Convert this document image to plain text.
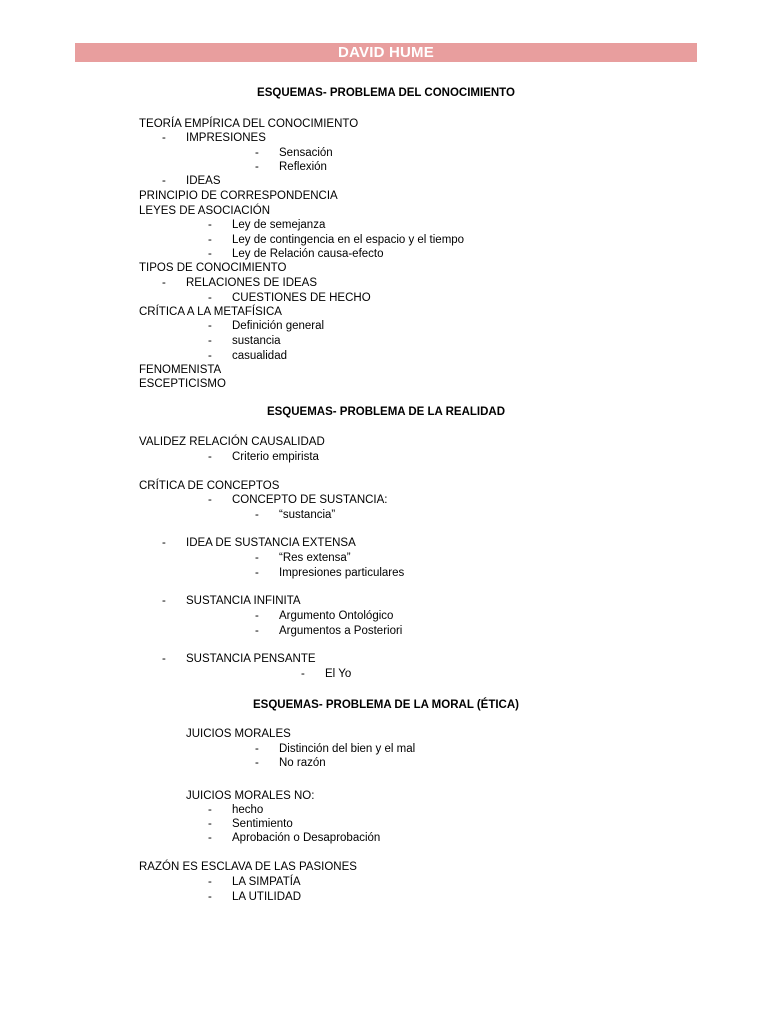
DAVID HUME
ESQUEMAS- PROBLEMA DEL CONOCIMIENTO
TEORÍA EMPÍRICA DEL CONOCIMIENTO
- IMPRESIONES
- Sensación
- Reflexión
- IDEAS
PRINCIPIO DE CORRESPONDENCIA
LEYES DE ASOCIACIÓN
- Ley de semejanza
- Ley de contingencia en el espacio y el tiempo
- Ley de Relación causa-efecto
TIPOS DE CONOCIMIENTO
- RELACIONES DE IDEAS
- CUESTIONES DE HECHO
CRÍTICA A LA METAFÍSICA
- Definición general
- sustancia
- casualidad
FENOMENISTA
ESCEPTICISMO
ESQUEMAS- PROBLEMA DE LA REALIDAD
VALIDEZ RELACIÓN CAUSALIDAD
- Criterio empirista
CRÍTICA DE CONCEPTOS
- CONCEPTO DE SUSTANCIA:
- “sustancia”
- IDEA DE SUSTANCIA EXTENSA
- “Res extensa”
- Impresiones particulares
- SUSTANCIA INFINITA
- Argumento Ontológico
- Argumentos a Posteriori
- SUSTANCIA PENSANTE
- El Yo
ESQUEMAS- PROBLEMA DE LA MORAL (ÉTICA)
JUICIOS MORALES
- Distinción del bien y el mal
- No razón
JUICIOS MORALES NO:
- hecho
- Sentimiento
- Aprobación o Desaprobación
RAZÓN ES ESCLAVA DE LAS PASIONES
- LA SIMPATÍA
- LA UTILIDAD
